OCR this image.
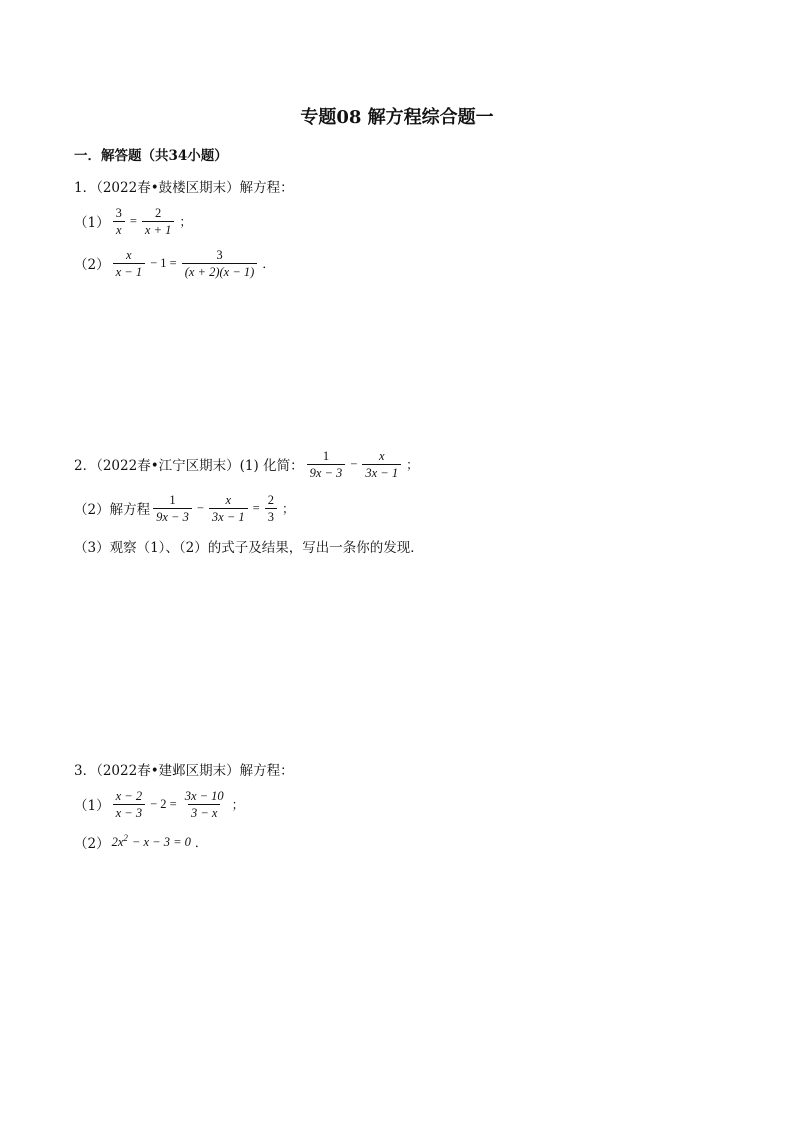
专题08 解方程综合题一
一．解答题（共34小题）
1．（2022春•鼓楼区期末）解方程：
$(1) \frac{3}{x} = \frac{2}{x + 1}$ ；
$(2) \frac{x}{x - 1} - 1 = \frac{3}{(x + 2)(x - 1)}$ ．
2．（2022春•江宁区期末）(1) 化简： $\frac{1}{9x - 3} - \frac{x}{3x - 1}$ ；
（2）解方程 $\frac{1}{9x - 3} - \frac{x}{3x - 1} = \frac{2}{3}$ ；
（3）观察（1）、（2）的式子及结果，写出一条你的发现．
3．（2022春•建邺区期末）解方程：
$(1) \frac{x - 2}{x - 3} - 2 = \frac{3x - 10}{3 - x}$ ；
（2） $2x^2 - x - 3 = 0$ ．
